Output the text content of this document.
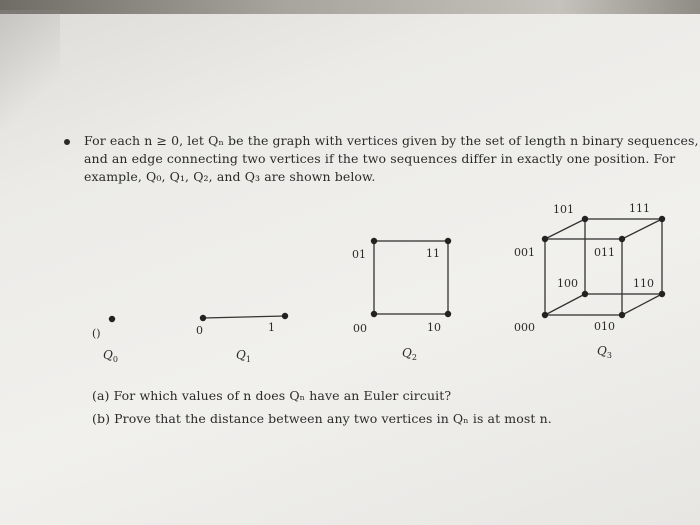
For each n ≥ 0, let Qₙ be the graph with vertices given by the set of length n binary sequences,
and an edge connecting two vertices if the two sequences differ in exactly one position. For
example, Q₀, Q₁, Q₂, and Q₃ are shown below.
()
$Q_0$
0	1
$Q_1$
01	11
00	10
$Q_2$
101	111
001	011
100	110
000	010
$Q_3$
(a) For which values of n does Qₙ have an Euler circuit?
(b) Prove that the distance between any two vertices in Qₙ is at most n.
